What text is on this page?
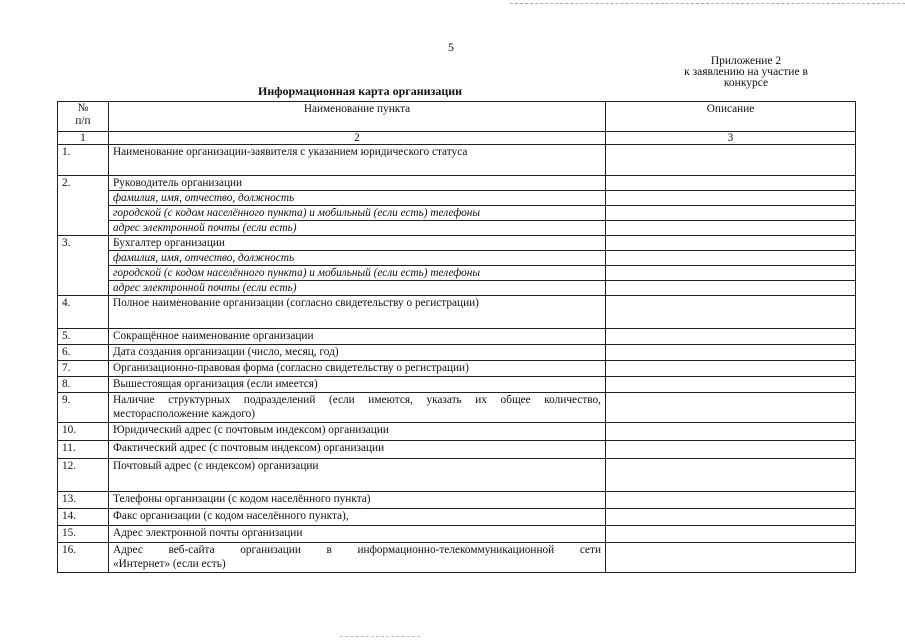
5
Приложение 2
к заявлению на участие в
конкурсе
Информационная карта организации
№
п/п	Наименование пункта	Описание
1	2	3
1.	Наименование организации-заявителя с указанием юридического статуса	
2.	Руководитель организации	
	фамилия, имя, отчество, должность	
	городской (с кодом населённого пункта) и мобильный (если есть) телефоны	
	адрес электронной почты (если есть)	
3.	Бухгалтер организации	
	фамилия, имя, отчество, должность	
	городской (с кодом населённого пункта) и мобильный (если есть) телефоны	
	адрес электронной почты (если есть)	
4.	Полное наименование организации (согласно свидетельству о регистрации)	
5.	Сокращённое наименование организации	
6.	Дата создания организации (число, месяц, год)	
7.	Организационно-правовая форма (согласно свидетельству о регистрации)	
8.	Вышестоящая организация (если имеется)	
9.	Наличие структурных подразделений (если имеются, указать их общее количество,
месторасположение каждого)	

10.	Юридический адрес (с почтовым индексом) организации	
11.	Фактический адрес (с почтовым индексом) организации	
12.	Почтовый адрес (с индексом) организации	
13.	Телефоны организации (с кодом населённого пункта)	
14.	Факс организации (с кодом населённого пункта),	
15.	Адрес электронной почты организации	
16.	Адрес веб-сайта организации в информационно-телекоммуникационной сети
«Интернет» (если есть)	
